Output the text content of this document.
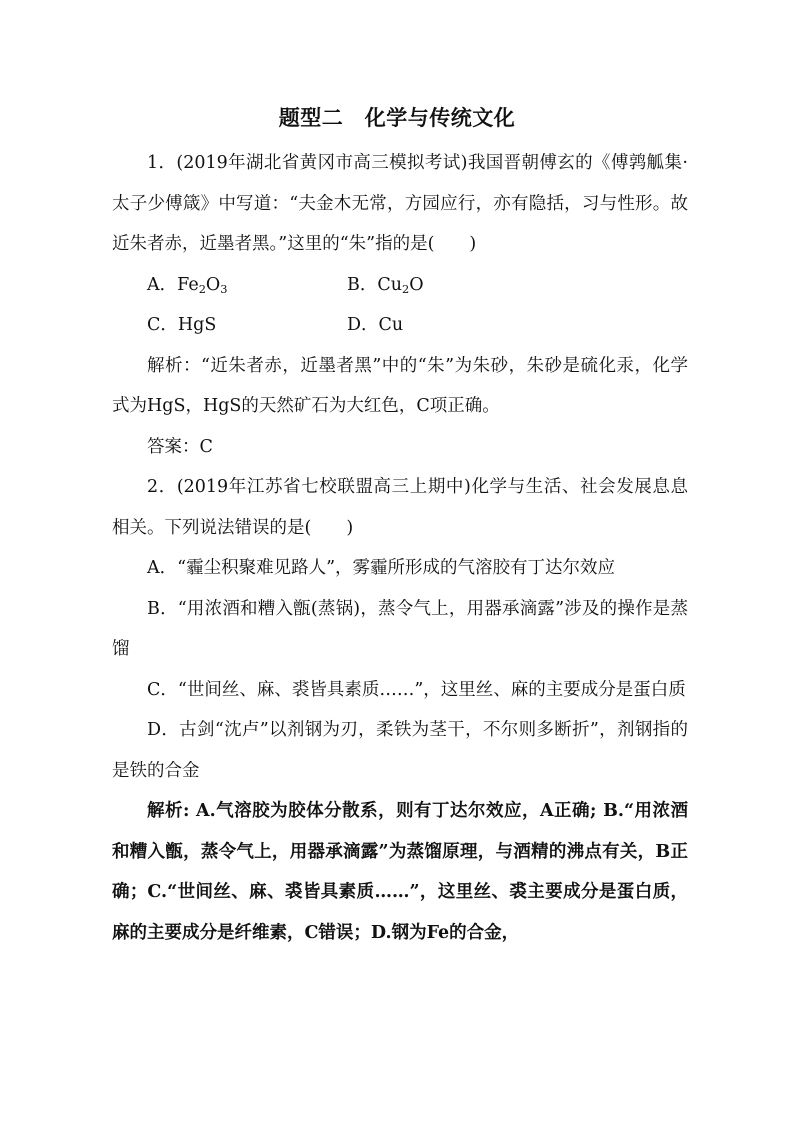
题型二　化学与传统文化

1．(2019年湖北省黄冈市高三模拟考试)我国晋朝傅玄的《傅鹑觚集·太子少傅箴》中写道：“夫金木无常，方园应行，亦有隐括，习与性形。故近朱者赤，近墨者黑。”这里的“朱”指的是(　　)

A．$Fe_2O_3$	B．$Cu_2O$
C．HgS	D．Cu

解析：“近朱者赤，近墨者黑”中的“朱”为朱砂，朱砂是硫化汞，化学式为HgS，HgS的天然矿石为大红色，C项正确。

答案：C

2．(2019年江苏省七校联盟高三上期中)化学与生活、社会发展息息相关。下列说法错误的是(　　)

A．“霾尘积聚难见路人”，雾霾所形成的气溶胶有丁达尔效应

B．“用浓酒和糟入甑(蒸锅)，蒸令气上，用器承滴露”涉及的操作是蒸馏

C．“世间丝、麻、裘皆具素质……”，这里丝、麻的主要成分是蛋白质

D．古剑“沈卢”以剂钢为刃，柔铁为茎干，不尔则多断折”，剂钢指的是铁的合金

解析: A.气溶胶为胶体分散系，则有丁达尔效应，A正确; B.“用浓酒和糟入甑，蒸令气上，用器承滴露”为蒸馏原理，与酒精的沸点有关，B正确；C.“世间丝、麻、裘皆具素质……”，这里丝、裘主要成分是蛋白质，麻的主要成分是纤维素，C错误；D.钢为Fe的合金，
